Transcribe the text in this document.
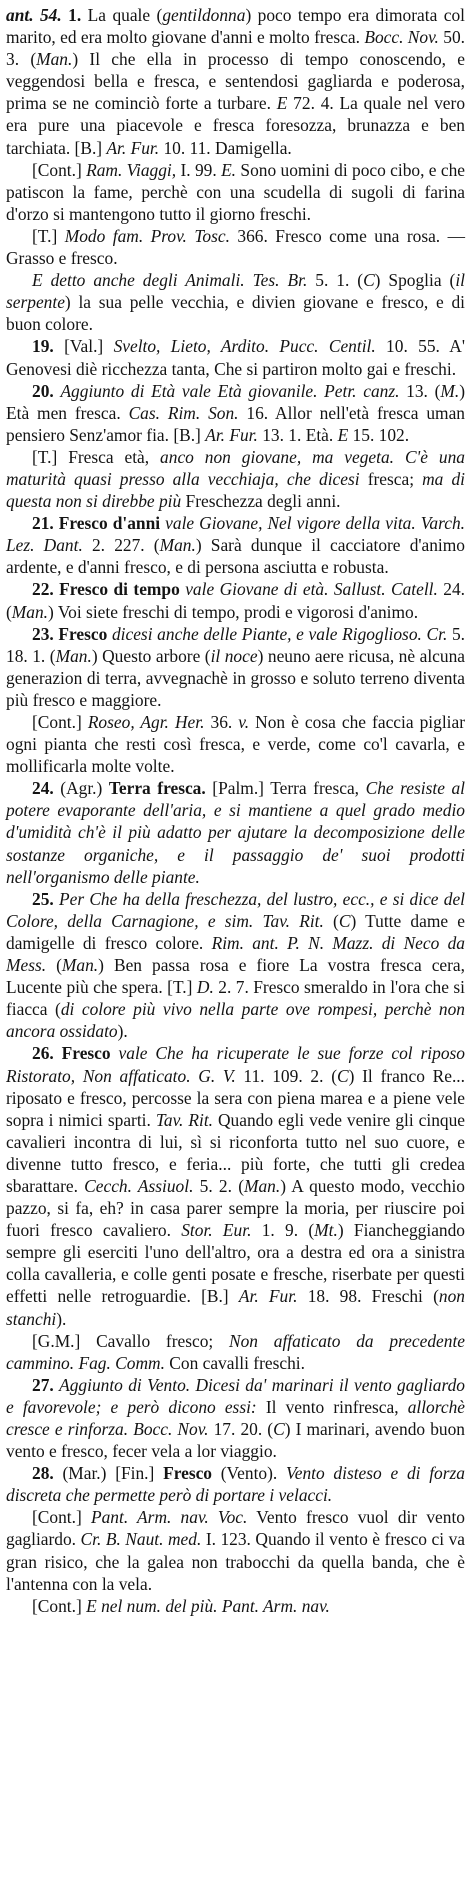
ant. 54. 1. La quale (gentildonna) poco tempo era dimorata col marito, ed era molto giovane d'anni e molto fresca. Bocc. Nov. 50. 3. (Man.) Il che ella in processo di tempo conoscendo, e veggendosi bella e fresca, e sentendosi gagliarda e poderosa, prima se ne cominciò forte a turbare. E 72. 4. La quale nel vero era pure una piacevole e fresca foresozza, brunazza e ben tarchiata. [B.] Ar. Fur. 10. 11. Damigella.

[Cont.] Ram. Viaggi, I. 99. E. Sono uomini di poco cibo, e che patiscon la fame, perchè con una scudella di sugoli di farina d'orzo si mantengono tutto il giorno freschi.

[T.] Modo fam. Prov. Tosc. 366. Fresco come una rosa. — Grasso e fresco.

E detto anche degli Animali. Tes. Br. 5. 1. (C) Spoglia (il serpente) la sua pelle vecchia, e divien giovane e fresco, e di buon colore.

19. [Val.] Svelto, Lieto, Ardito. Pucc. Centil. 10. 55. A' Genovesi diè ricchezza tanta, Che si partiron molto gai e freschi.

20. Aggiunto di Età vale Età giovanile. Petr. canz. 13. (M.) Età men fresca. Cas. Rim. Son. 16. Allor nell'età fresca uman pensiero Senz'amor fia. [B.] Ar. Fur. 13. 1. Età. E 15. 102.

[T.] Fresca età, anco non giovane, ma vegeta. C'è una maturità quasi presso alla vecchiaja, che dicesi fresca; ma di questa non si direbbe più Freschezza degli anni.

21. Fresco d'anni vale Giovane, Nel vigore della vita. Varch. Lez. Dant. 2. 227. (Man.) Sarà dunque il cacciatore d'animo ardente, e d'anni fresco, e di persona asciutta e robusta.

22. Fresco di tempo vale Giovane di età. Sallust. Catell. 24. (Man.) Voi siete freschi di tempo, prodi e vigorosi d'animo.

23. Fresco dicesi anche delle Piante, e vale Rigoglioso. Cr. 5. 18. 1. (Man.) Questo arbore (il noce) neuno aere ricusa, nè alcuna generazion di terra, avvegnachè in grosso e soluto terreno diventa più fresco e maggiore.

[Cont.] Roseo, Agr. Her. 36. v. Non è cosa che faccia pigliar ogni pianta che resti così fresca, e verde, come co'l cavarla, e mollificarla molte volte.

24. (Agr.) Terra fresca. [Palm.] Terra fresca, Che resiste al potere evaporante dell'aria, e si mantiene a quel grado medio d'umidità ch'è il più adatto per ajutare la decomposizione delle sostanze organiche, e il passaggio de' suoi prodotti nell'organismo delle piante.

25. Per Che ha della freschezza, del lustro, ecc., e si dice del Colore, della Carnagione, e sim. Tav. Rit. (C) Tutte dame e damigelle di fresco colore. Rim. ant. P. N. Mazz. di Neco da Mess. (Man.) Ben passa rosa e fiore La vostra fresca cera, Lucente più che spera. [T.] D. 2. 7. Fresco smeraldo in l'ora che si fiacca (di colore più vivo nella parte ove rompesi, perchè non ancora ossidato).

26. Fresco vale Che ha ricuperate le sue forze col riposo Ristorato, Non affaticato. G. V. 11. 109. 2. (C) Il franco Re... riposato e fresco, percosse la sera con piena marea e a piene vele sopra i nimici sparti. Tav. Rit. Quando egli vede venire gli cinque cavalieri incontra di lui, sì si riconforta tutto nel suo cuore, e divenne tutto fresco, e feria... più forte, che tutti gli credea sbarattare. Cecch. Assiuol. 5. 2. (Man.) A questo modo, vecchio pazzo, si fa, eh? in casa parer sempre la moria, per riuscire poi fuori fresco cavaliero. Stor. Eur. 1. 9. (Mt.) Fiancheggiando sempre gli eserciti l'uno dell'altro, ora a destra ed ora a sinistra colla cavalleria, e colle genti posate e fresche, riserbate per questi effetti nelle retroguardie. [B.] Ar. Fur. 18. 98. Freschi (non stanchi).

[G.M.] Cavallo fresco; Non affaticato da precedente cammino. Fag. Comm. Con cavalli freschi.

27. Aggiunto di Vento. Dicesi da' marinari il vento gagliardo e favorevole; e però dicono essi: Il vento rinfresca, allorchè cresce e rinforza. Bocc. Nov. 17. 20. (C) I marinari, avendo buon vento e fresco, fecer vela a lor viaggio.

28. (Mar.) [Fin.] Fresco (Vento). Vento disteso e di forza discreta che permette però di portare i velacci.

[Cont.] Pant. Arm. nav. Voc. Vento fresco vuol dir vento gagliardo. Cr. B. Naut. med. I. 123. Quando il vento è fresco ci va gran risico, che la galea non trabocchi da quella banda, che è l'antenna con la vela.

[Cont.] E nel num. del più. Pant. Arm. nav.
